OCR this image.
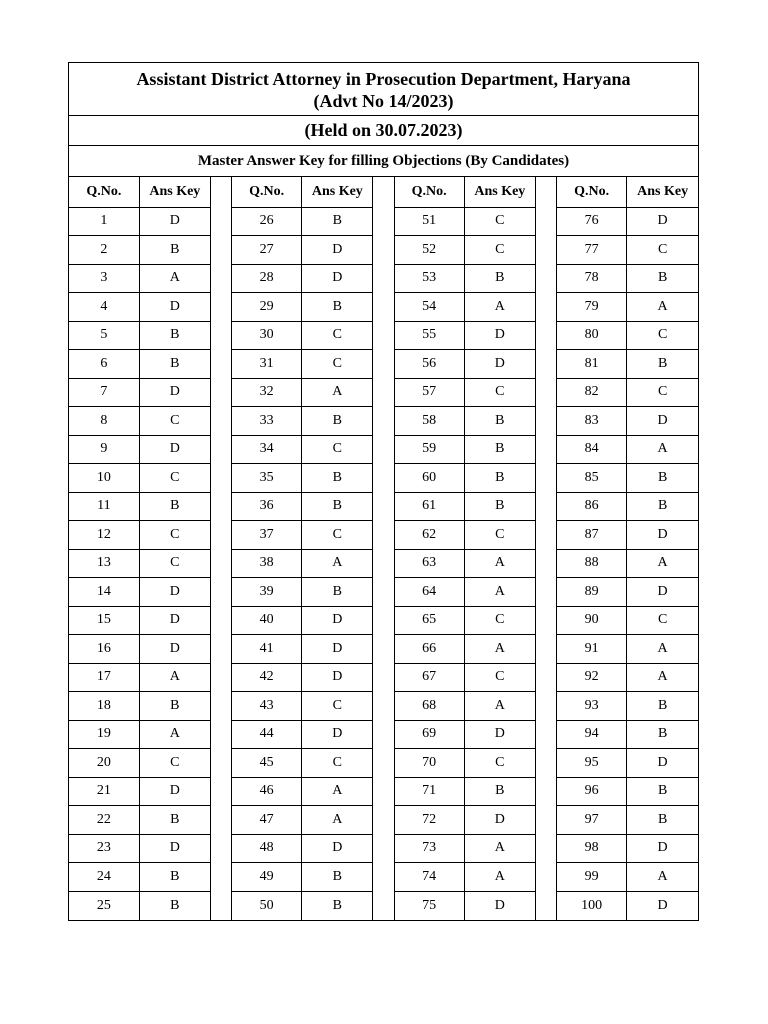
Assistant District Attorney in Prosecution Department, Haryana
(Advt No 14/2023)
(Held on 30.07.2023)
Master Answer Key for filling Objections (By Candidates)
Q.No.	Ans Key		Q.No.	Ans Key		Q.No.	Ans Key		Q.No.	Ans Key
1	D		26	B		51	C		76	D
2	B		27	D		52	C		77	C
3	A		28	D		53	B		78	B
4	D		29	B		54	A		79	A
5	B		30	C		55	D		80	C
6	B		31	C		56	D		81	B
7	D		32	A		57	C		82	C
8	C		33	B		58	B		83	D
9	D		34	C		59	B		84	A
10	C		35	B		60	B		85	B
11	B		36	B		61	B		86	B
12	C		37	C		62	C		87	D
13	C		38	A		63	A		88	A
14	D		39	B		64	A		89	D
15	D		40	D		65	C		90	C
16	D		41	D		66	A		91	A
17	A		42	D		67	C		92	A
18	B		43	C		68	A		93	B
19	A		44	D		69	D		94	B
20	C		45	C		70	C		95	D
21	D		46	A		71	B		96	B
22	B		47	A		72	D		97	B
23	D		48	D		73	A		98	D
24	B		49	B		74	A		99	A
25	B		50	B		75	D		100	D
